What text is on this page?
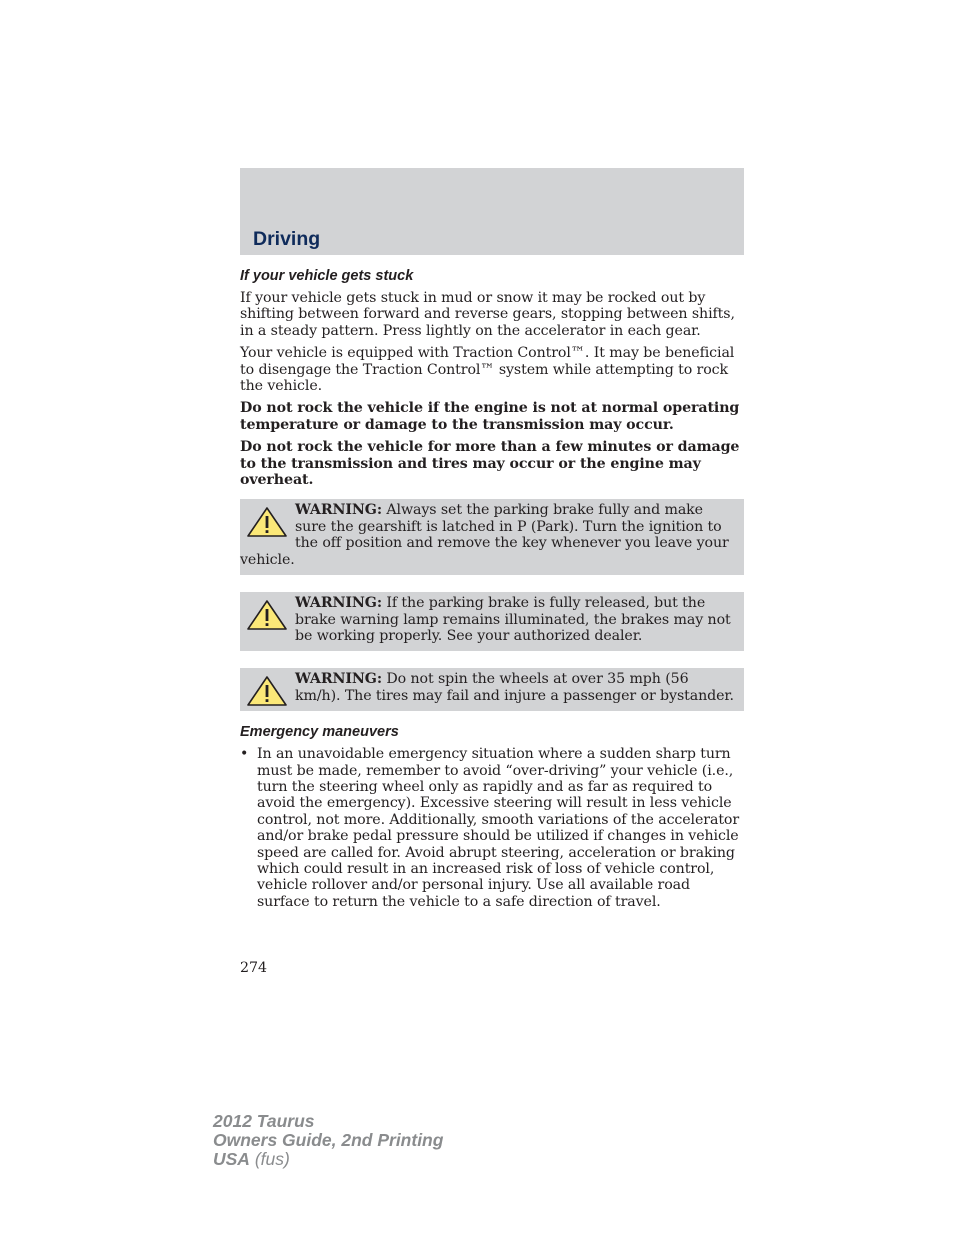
Driving
If your vehicle gets stuck

If your vehicle gets stuck in mud or snow it may be rocked out by shifting between forward and reverse gears, stopping between shifts, in a steady pattern. Press lightly on the accelerator in each gear.

Your vehicle is equipped with Traction Control™. It may be beneficial to disengage the Traction Control™ system while attempting to rock the vehicle.

Do not rock the vehicle if the engine is not at normal operating temperature or damage to the transmission may occur.

Do not rock the vehicle for more than a few minutes or damage to the transmission and tires may occur or the engine may overheat.

WARNING: Always set the parking brake fully and make sure the gearshift is latched in P (Park). Turn the ignition to the off position and remove the key whenever you leave your vehicle.
WARNING: If the parking brake is fully released, but the brake warning lamp remains illuminated, the brakes may not be working properly. See your authorized dealer.
WARNING: Do not spin the wheels at over 35 mph (56 km/h). The tires may fail and injure a passenger or bystander.
Emergency maneuvers
• In an unavoidable emergency situation where a sudden sharp turn must be made, remember to avoid “over-driving” your vehicle (i.e., turn the steering wheel only as rapidly and as far as required to avoid the emergency). Excessive steering will result in less vehicle control, not more. Additionally, smooth variations of the accelerator and/or brake pedal pressure should be utilized if changes in vehicle speed are called for. Avoid abrupt steering, acceleration or braking which could result in an increased risk of loss of vehicle control, vehicle rollover and/or personal injury. Use all available road surface to return the vehicle to a safe direction of travel.
274
2012 Taurus
Owners Guide, 2nd Printing
USA (fus)
